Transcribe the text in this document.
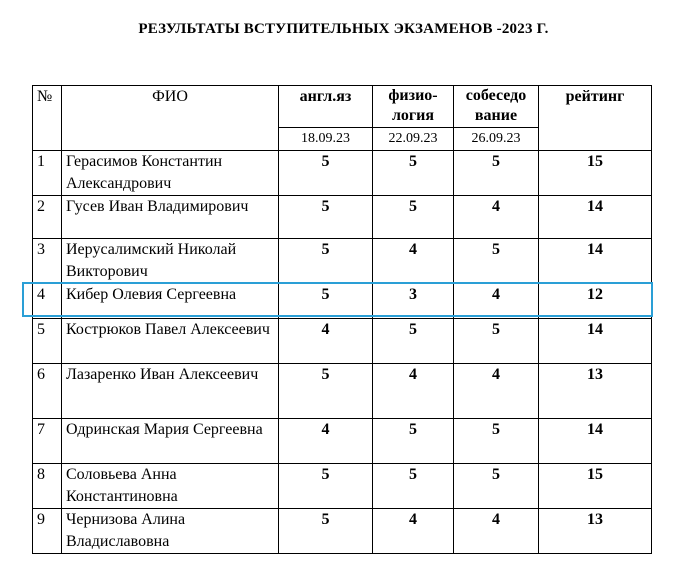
РЕЗУЛЬТАТЫ ВСТУПИТЕЛЬНЫХ ЭКЗАМЕНОВ -2023 Г.
№	ФИО	англ.яз	физио-логия	собеседо вание	рейтинг
		18.09.23	22.09.23	26.09.23	
1	Герасимов Константин Александрович	5	5	5	15
2	Гусев Иван Владимирович	5	5	4	14
3	Иерусалимский Николай Викторович	5	4	5	14
4	Кибер Олевия Сергеевна	5	3	4	12
5	Кострюков Павел Алексеевич	4	5	5	14
6	Лазаренко Иван Алексеевич	5	4	4	13
7	Одринская Мария Сергеевна	4	5	5	14
8	Соловьева Анна Константиновна	5	5	5	15
9	Чернизова Алина Владиславовна	5	4	4	13
